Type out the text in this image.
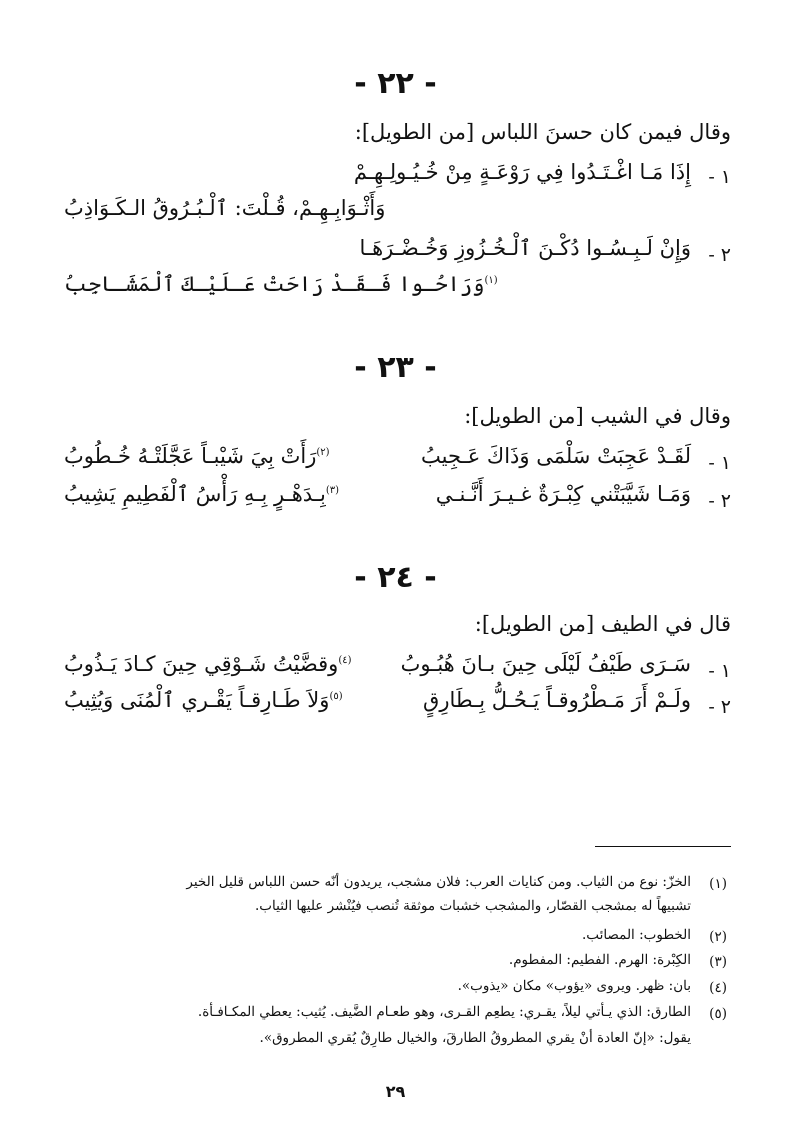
- ٢٢ -
وقال فيمن كان حسنَ اللباس [من الطويل]:
١ -
إِذَا مَـا اغْـتَـدُوا فِي رَوْعَـةٍ مِنْ خُـيُـولِـهِـمْ
وَأَثْـوَابِـهِـمْ، قُـلْتَ: ٱلْـبُـرُوقُ الـكَـوَاذِبُ
٢ -
وَإِنْ لَـبِـسُـوا دُكْـنَ ٱلْـخُـزُوزِ وَخُـضْـرَهَـا
$^{(١)}$وَرَاحُـوا فَـقَـدْ رَاحَتْ عَـلَيْـكَ ٱلْمَشَـاجِبُ
- ٢٣ -
وقال في الشيب [من الطويل]:
١ -
لَقَـدْ عَجِبَتْ سَلْمَى وَذَاكَ عَـجِيبُ
$^{(٢)}$رَأَتْ بِيَ شَيْبـاً عَجَّلَتْـهُ خُـطُوبُ
٢ -
وَمَـا شَيَّبَتْني كِبْـرَةٌ غـيـرَ أَنَّـنـي
$^{(٣)}$بِـدَهْـرٍ بِـهِ رَأْسُ ٱلْفَطِيمِ يَشِيبُ
- ٢٤ -
قال في الطيف [من الطويل]:
١ -
سَـرَى طَيْفُ لَيْلَى حِينَ بـانَ هُبُـوبُ
$^{(٤)}$وقضَّيْتُ شَـوْقِي حِينَ كـادَ يَـذُوبُ
٢ -
ولَـمْ أَرَ مَـطْرُوقـاً يَـحُـلُّ بِـطَارِقٍ
$^{(٥)}$وَلاَ طَـارِقـاً يَقْـري ٱلْمُنَى وَيُثِيبُ
(١)
الخزّ: نوع من الثياب. ومن كنايات العرب: فلان مشجب، يريدون أنّه حسن اللباس قليل الخير
تشبيهاً له بمشجب القصّار، والمشجب خشبات موثقة تُنصب فيُنْشر عليها الثياب.
(٢)
الخطوب: المصائب.
(٣)
الكِبْرة: الهرم. الفطيم: المفطوم.
(٤)
بان: ظهر. ويروى «يؤوب» مكان «يذوب».
(٥)
الطارق: الذي يـأتي ليلاً، يقـري: يطعِم القـرى، وهو طعـام الضَّيف. يُثيب: يعطي المكـافـأة.
يقول: «إنّ العادة أنْ يقري المطروقُ الطارقَ، والخيال طارِقٌ يُقري المطروق».
٢٩
